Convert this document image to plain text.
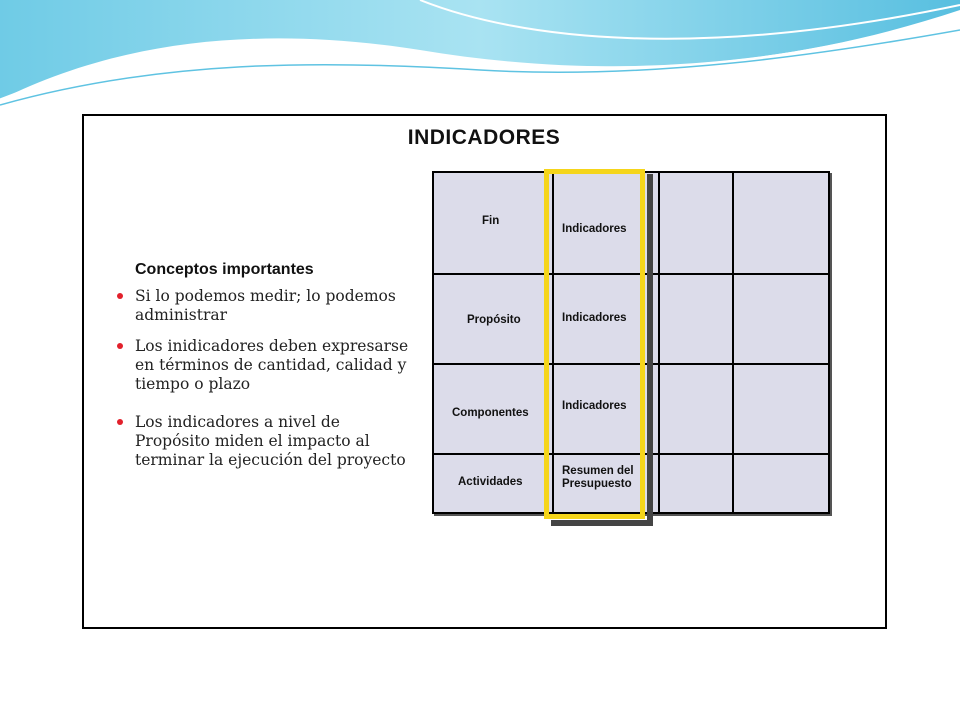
INDICADORES
Conceptos importantes
Si lo podemos medir; lo podemos
administrar
Los inidicadores deben expresarse
en términos de cantidad, calidad y
tiempo o plazo
Los indicadores a nivel de
Propósito miden el impacto al
terminar la ejecución del proyecto
Fin
Indicadores
Propósito	Indicadores
Componentes
Indicadores
Actividades
Resumen del
Presupuesto
